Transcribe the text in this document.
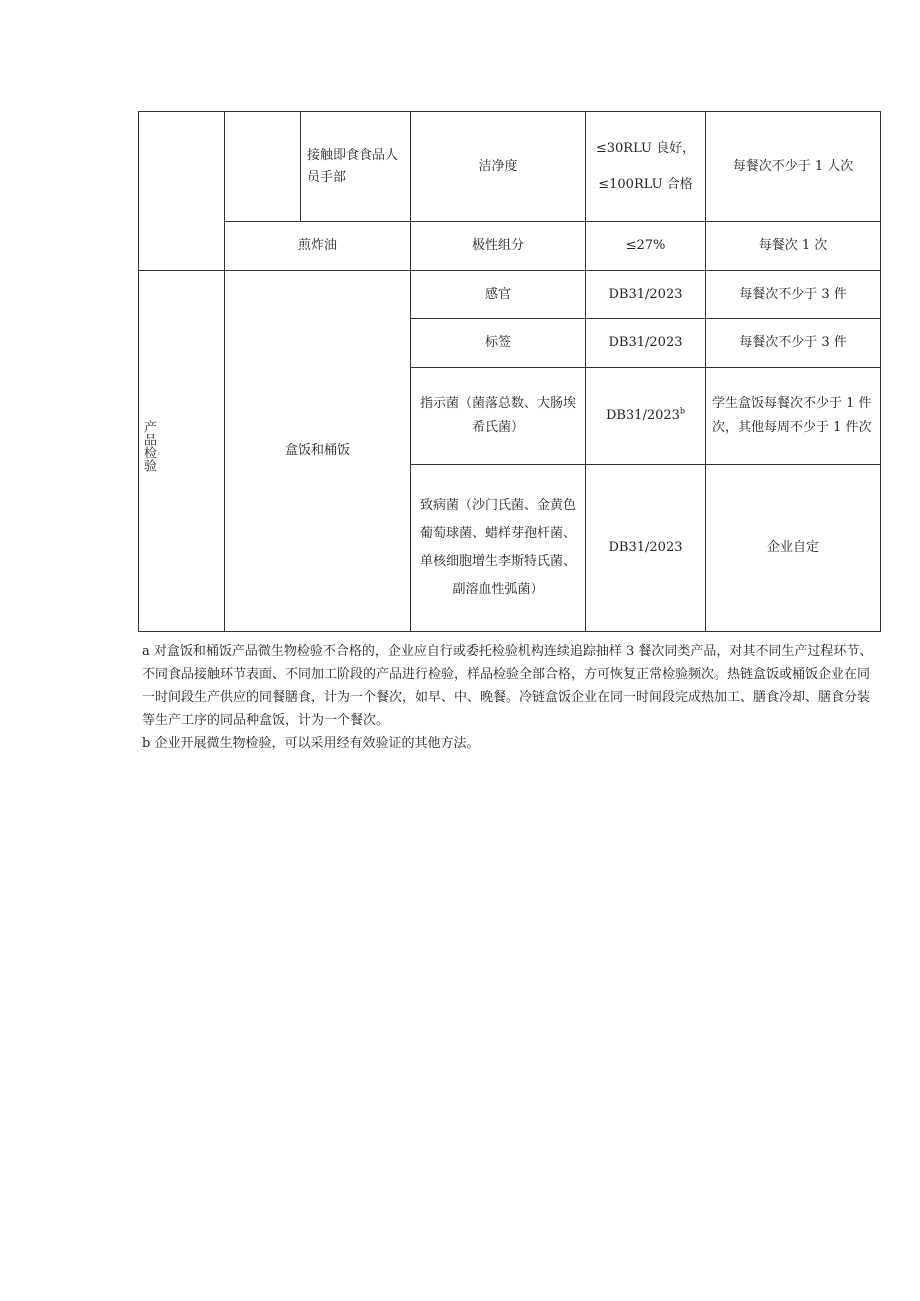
		接触即食食品人员手部	洁净度	≤30RLU 良好，
≤100RLU 合格	每餐次不少于 1 人次
	煎炸油		极性组分	≤27%	每餐次 1 次
产品检验	盒饭和桶饭		感官	DB31/2023	每餐次不少于 3 件
			标签	DB31/2023	每餐次不少于 3 件
			指示菌（菌落总数、大肠埃希氏菌）	DB31/2023$^b$	学生盒饭每餐次不少于 1 件次，其他每周不少于 1 件次
			致病菌（沙门氏菌、金黄色葡萄球菌、蜡样芽孢杆菌、单核细胞增生李斯特氏菌、副溶血性弧菌）	DB31/2023	企业自定

a 对盒饭和桶饭产品微生物检验不合格的，企业应自行或委托检验机构连续追踪抽样 3 餐次同类产品，对其不同生产过程环节、不同食品接触环节表面、不同加工阶段的产品进行检验，样品检验全部合格，方可恢复正常检验频次。热链盒饭或桶饭企业在同一时间段生产供应的同餐膳食，计为一个餐次，如早、中、晚餐。冷链盒饭企业在同一时间段完成热加工、膳食冷却、膳食分装等生产工序的同品种盒饭，计为一个餐次。

b 企业开展微生物检验，可以采用经有效验证的其他方法。
